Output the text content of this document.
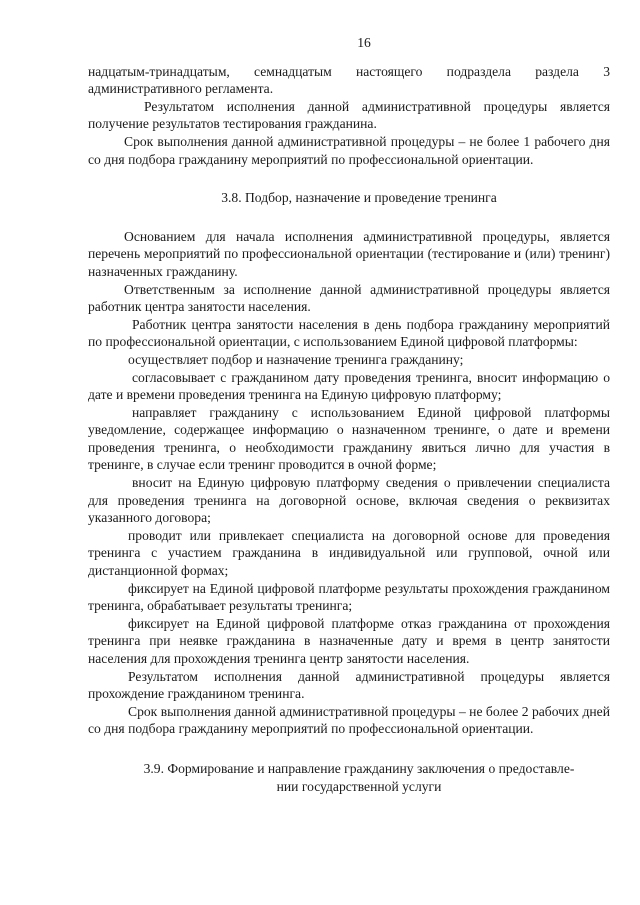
16

надцатым-тринадцатым, семнадцатым настоящего подраздела раздела 3 административного регламента.

Результатом исполнения данной административной процедуры является получение результатов тестирования гражданина.

Срок выполнения данной административной процедуры – не более 1 рабочего дня со дня подбора гражданину мероприятий по профессиональной ориентации.

3.8. Подбор, назначение и проведение тренинга

Основанием для начала исполнения административной процедуры, является перечень мероприятий по профессиональной ориентации (тестирование и (или) тренинг) назначенных гражданину.

Ответственным за исполнение данной административной процедуры является работник центра занятости населения.

Работник центра занятости населения в день подбора гражданину мероприятий по профессиональной ориентации, с использованием Единой цифровой платформы:

осуществляет подбор и назначение тренинга гражданину;

согласовывает с гражданином дату проведения тренинга, вносит информацию о дате и времени проведения тренинга на Единую цифровую платформу;

направляет гражданину с использованием Единой цифровой платформы уведомление, содержащее информацию о назначенном тренинге, о дате и времени проведения тренинга, о необходимости гражданину явиться лично для участия в тренинге, в случае если тренинг проводится в очной форме;

вносит на Единую цифровую платформу сведения о привлечении специалиста для проведения тренинга на договорной основе, включая сведения о реквизитах указанного договора;

проводит или привлекает специалиста на договорной основе для проведения тренинга с участием гражданина в индивидуальной или групповой, очной или дистанционной формах;

фиксирует на Единой цифровой платформе результаты прохождения гражданином тренинга, обрабатывает результаты тренинга;

фиксирует на Единой цифровой платформе отказ гражданина от прохождения тренинга при неявке гражданина в назначенные дату и время в центр занятости населения для прохождения тренинга центр занятости населения.

Результатом исполнения данной административной процедуры является прохождение гражданином тренинга.

Срок выполнения данной административной процедуры – не более 2 рабочих дней со дня подбора гражданину мероприятий по профессиональной ориентации.

3.9. Формирование и направление гражданину заключения о предоставле-
нии государственной услуги
